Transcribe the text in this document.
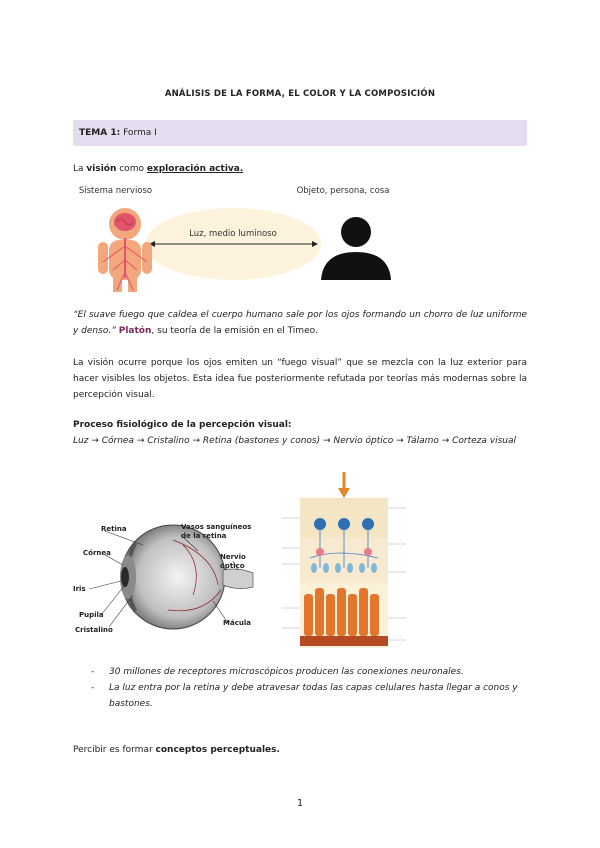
ANÁLISIS DE LA FORMA, EL COLOR Y LA COMPOSICIÓN
TEMA 1: Forma I
La visión como exploración activa.
Sistema nervioso	Objeto, persona, cosa
Luz, medio luminoso
“El suave fuego que caldea el cuerpo humano sale por los ojos formando un chorro de luz uniforme y denso.” Platón, su teoría de la emisión en el Timeo.
La visión ocurre porque los ojos emiten un “fuego visual” que se mezcla con la luz exterior para hacer visibles los objetos. Esta idea fue posteriormente refutada por teorías más modernas sobre la percepción visual.
Proceso fisiológico de la percepción visual:
Luz → Córnea → Cristalino → Retina (bastones y conos) → Nervio óptico → Tálamo → Corteza visual
Retina	Vasos sanguíneos de la retina
Córnea	Nervio óptico
Iris
Pupila
Mácula
Cristalino
- 30 millones de receptores microscópicos producen las conexiones neuronales.
- La luz entra por la retina y debe atravesar todas las capas celulares hasta llegar a conos y bastones.
Percibir es formar conceptos perceptuales.
1
